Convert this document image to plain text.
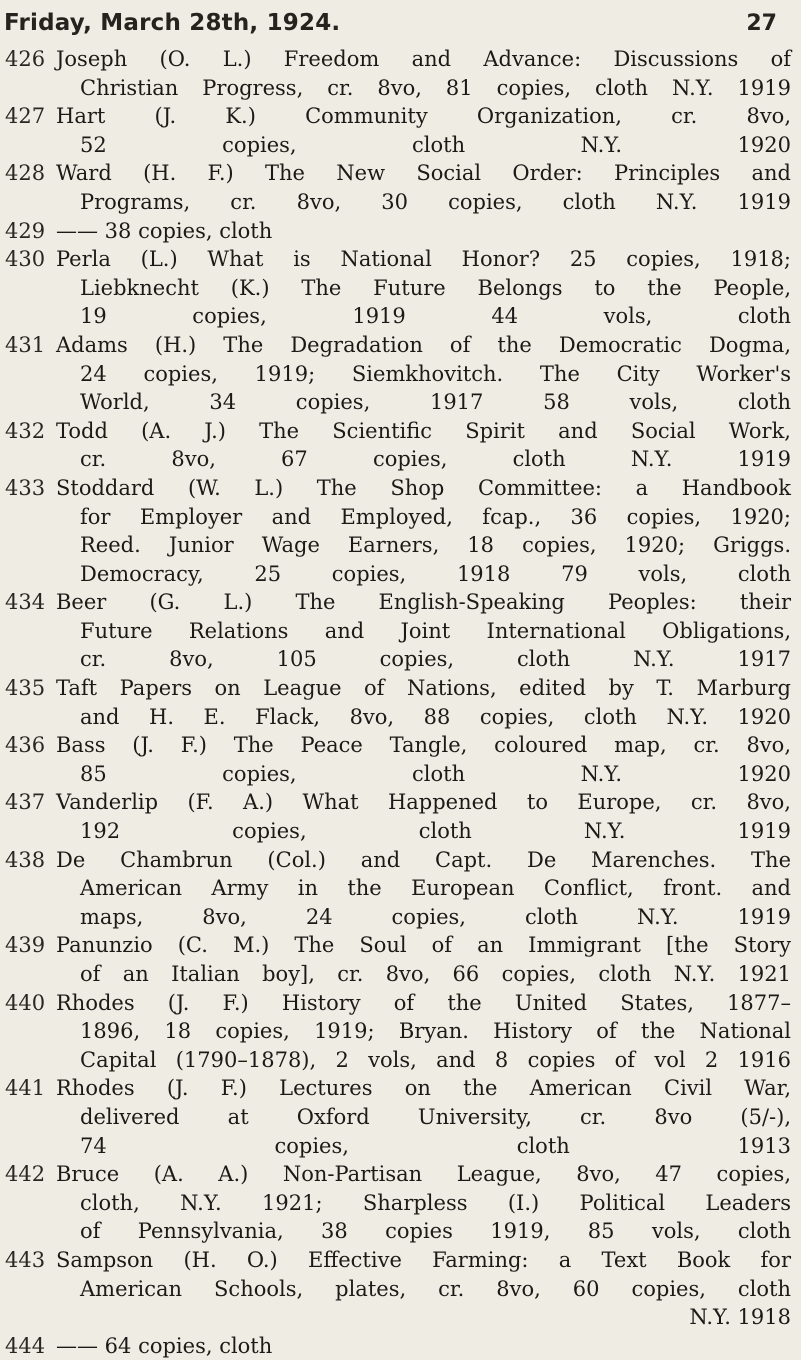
Friday, March 28th, 1924.	27
426 Joseph (O. L.) Freedom and Advance: Discussions of
Christian Progress, cr. 8vo, 81 copies, cloth N.Y. 1919
427 Hart (J. K.) Community Organization, cr. 8vo,
52 copies, cloth N.Y. 1920
428 Ward (H. F.) The New Social Order: Principles and
Programs, cr. 8vo, 30 copies, cloth N.Y. 1919
429 —— 38 copies, cloth
430 Perla (L.) What is National Honor? 25 copies, 1918;
Liebknecht (K.) The Future Belongs to the People,
19 copies, 1919 44 vols, cloth
431 Adams (H.) The Degradation of the Democratic Dogma,
24 copies, 1919; Siemkhovitch. The City Worker's
World, 34 copies, 1917 58 vols, cloth
432 Todd (A. J.) The Scientific Spirit and Social Work,
cr. 8vo, 67 copies, cloth N.Y. 1919
433 Stoddard (W. L.) The Shop Committee: a Handbook
for Employer and Employed, fcap., 36 copies, 1920;
Reed. Junior Wage Earners, 18 copies, 1920; Griggs.
Democracy, 25 copies, 1918 79 vols, cloth
434 Beer (G. L.) The English-Speaking Peoples: their
Future Relations and Joint International Obligations,
cr. 8vo, 105 copies, cloth N.Y. 1917
435 Taft Papers on League of Nations, edited by T. Marburg
and H. E. Flack, 8vo, 88 copies, cloth N.Y. 1920
436 Bass (J. F.) The Peace Tangle, coloured map, cr. 8vo,
85 copies, cloth N.Y. 1920
437 Vanderlip (F. A.) What Happened to Europe, cr. 8vo,
192 copies, cloth N.Y. 1919
438 De Chambrun (Col.) and Capt. De Marenches. The
American Army in the European Conflict, front. and
maps, 8vo, 24 copies, cloth N.Y. 1919
439 Panunzio (C. M.) The Soul of an Immigrant [the Story
of an Italian boy], cr. 8vo, 66 copies, cloth N.Y. 1921
440 Rhodes (J. F.) History of the United States, 1877–
1896, 18 copies, 1919; Bryan. History of the National
Capital (1790–1878), 2 vols, and 8 copies of vol 2 1916
441 Rhodes (J. F.) Lectures on the American Civil War,
delivered at Oxford University, cr. 8vo (5/-),
74 copies, cloth 1913
442 Bruce (A. A.) Non-Partisan League, 8vo, 47 copies,
cloth, N.Y. 1921; Sharpless (I.) Political Leaders
of Pennsylvania, 38 copies 1919, 85 vols, cloth
443 Sampson (H. O.) Effective Farming: a Text Book for
American Schools, plates, cr. 8vo, 60 copies, cloth
N.Y. 1918
444 —— 64 copies, cloth
